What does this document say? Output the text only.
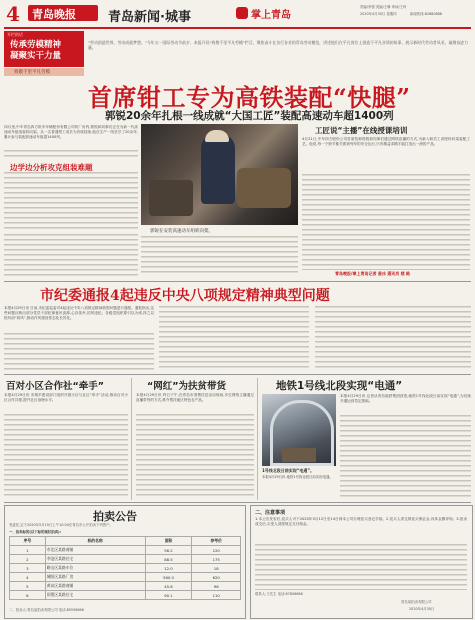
4 青岛晚报 青岛新闻·城事	掌上青岛
责编/李强 美编/王琳 审读/王珂
2020年4月30日 星期四	新闻热线:82880888
开栏的话
传承劳模精神
凝聚实干力量
致敬千里平凡劳模
“劳动创造世界，劳动成就梦想。”今年五一国际劳动节前夕，本报开设“致敬千里平凡劳模”栏目，聚焦奋斗在各行各业的青岛劳动模范，讲述他们在平凡岗位上创造不平凡业绩的故事，展示新时代劳动者风采，凝聚奋进力量。
首席钳工专为高铁装配“快腿”
郭锐20余年扎根一线成就“大国工匠”装配高速动车超1400列
四月里,中车青岛四方机车车辆股份有限公司的厂房内,郭锐和同事们正在为新一代高速动车组组装转向架。从一名普通钳工成长为首席技师,他在生产一线坚守了20余年,累计参与装配高速动车组超1400列。
边学边分析攻克组装难题
郭锐在安装高速动车组转向架。
工匠说“主播”在线授课培训
4月21日,中车四方股份公司首席技师郭锐和同事们通过网络直播的方式,为新入职员工讲授转向架装配工艺。他说,每一个细节都关系到列车的安全运行,只有精益求精才能打造出一流的产品。
青岛晚报/掌上青岛记者 姜冰 通讯员 楼 路
市纪委通报4起违反中央八项规定精神典型问题
本报4月29日讯 日前,市纪委监委对4起违反中央八项规定精神典型问题进行通报。通报指出,这些问题反映出部分党员干部纪律意识淡薄,心存侥幸,顶风违纪。各级党组织要引以为戒,持之以恒纠治“四风”,推动作风建设常态化长效化。
百对小区合作社“牵手”
本报4月29日讯 市城乡建设部门组织开展小区与社区“牵手”活动,推动百对小区合作共建,提升社区治理水平。
“网红”为扶贫带货
本报4月29日讯 昨日下午,在青岛市消费扶贫活动现场,多位网络主播通过直播带货的方式,推介帮扶地区特色农产品。
地铁1号线北段实现“电通”
1号线北段日前实现“电通”。
本报4月29日讯 地铁1号线北段日前实现电通。
本报4月29日讯 记者从青岛地铁集团获悉,地铁1号线北段日前实现“电通”,为后续开通运营奠定基础。
拍卖公告
受委托,定于2020年5月15日上午10:00在青岛市公开拍卖下列资产。
一、拍卖标的(以下标的现状拍卖):
序号	标的名称	面积	参考价
1	市北区某路商铺	56.2	120
2	李沧区某路住宅	88.5	175
3	崂山区某路车位	12.0	18
4	城阳区某路厂房	560.0	620
5	黄岛区某路商铺	45.6	96
6	即墨区某路住宅	90.1	110
二、拍卖人:青岛某拍卖有限公司 电话:85556666
二、注意事项
1.本公告发布后,竞买人可于2020年5月12日至14日到本公司办理竞买登记手续。2.竞买人须交纳竞买保证金,具体金额详询。3.拍卖成交后,买受人须按规定支付佣金。
联系人:王先生 电话:87806666
青岛某拍卖有限公司
2020年4月30日
